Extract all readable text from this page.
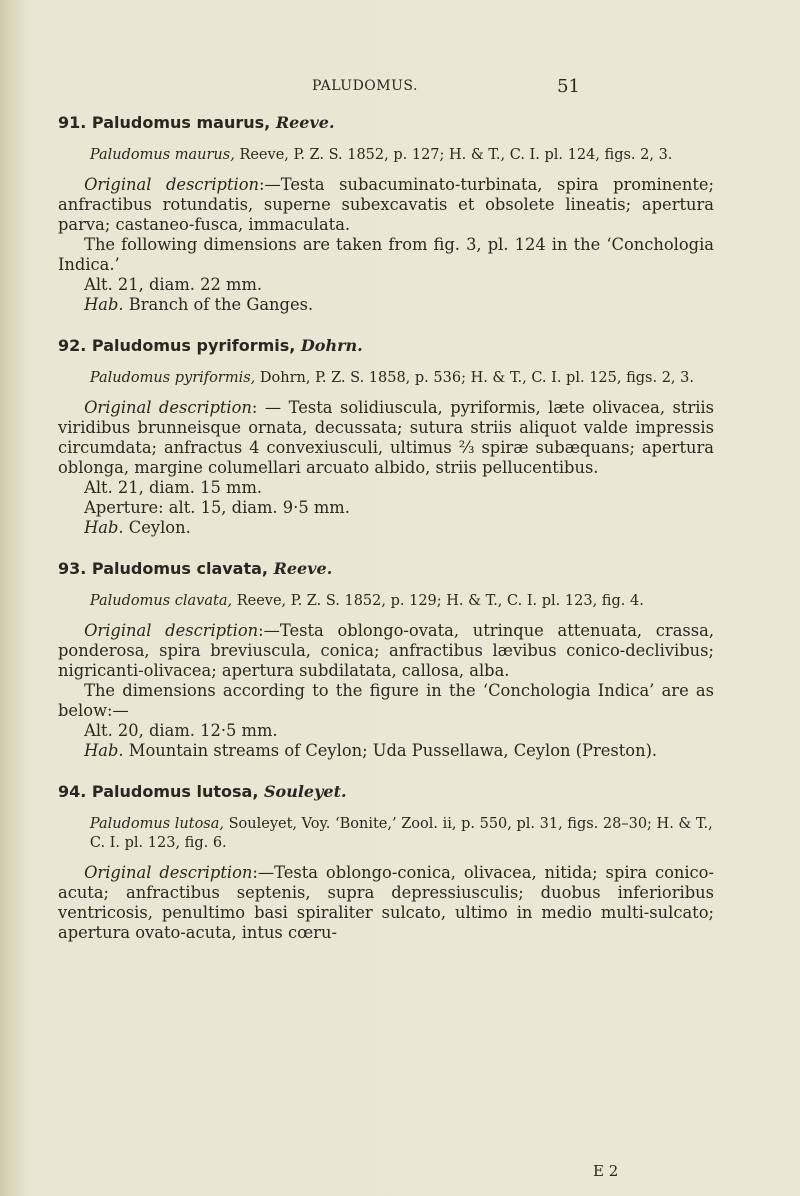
PALUDOMUS.	51

91. Paludomus maurus, Reeve.

Paludomus maurus, Reeve, P. Z. S. 1852, p. 127; H. & T., C. I. pl. 124, figs. 2, 3.

Original description:—Testa subacuminato-turbinata, spira prominente; anfractibus rotundatis, superne subexcavatis et obsolete lineatis; apertura parva; castaneo-fusca, immaculata.

The following dimensions are taken from fig. 3, pl. 124 in the ‘Conchologia Indica.’

Alt. 21, diam. 22 mm.

Hab. Branch of the Ganges.

92. Paludomus pyriformis, Dohrn.

Paludomus pyriformis, Dohrn, P. Z. S. 1858, p. 536; H. & T., C. I. pl. 125, figs. 2, 3.

Original description: — Testa solidiuscula, pyriformis, læte olivacea, striis viridibus brunneisque ornata, decussata; sutura striis aliquot valde impressis circumdata; anfractus 4 convexiusculi, ultimus ⅔ spiræ subæquans; apertura oblonga, margine columellari arcuato albido, striis pellucentibus.

Alt. 21, diam. 15 mm.

Aperture: alt. 15, diam. 9·5 mm.

Hab. Ceylon.

93. Paludomus clavata, Reeve.

Paludomus clavata, Reeve, P. Z. S. 1852, p. 129; H. & T., C. I. pl. 123, fig. 4.

Original description:—Testa oblongo-ovata, utrinque attenuata, crassa, ponderosa, spira breviuscula, conica; anfractibus lævibus conico-declivibus; nigricanti-olivacea; apertura subdilatata, callosa, alba.

The dimensions according to the figure in the ‘Conchologia Indica’ are as below:—

Alt. 20, diam. 12·5 mm.

Hab. Mountain streams of Ceylon; Uda Pussellawa, Ceylon (Preston).

94. Paludomus lutosa, Souleyet.

Paludomus lutosa, Souleyet, Voy. ‘Bonite,’ Zool. ii, p. 550, pl. 31, figs. 28–30; H. & T., C. I. pl. 123, fig. 6.

Original description:—Testa oblongo-conica, olivacea, nitida; spira conico-acuta; anfractibus septenis, supra depressiusculis; duobus inferioribus ventricosis, penultimo basi spiraliter sulcato, ultimo in medio multi-sulcato; apertura ovato-acuta, intus cœru-

E 2
